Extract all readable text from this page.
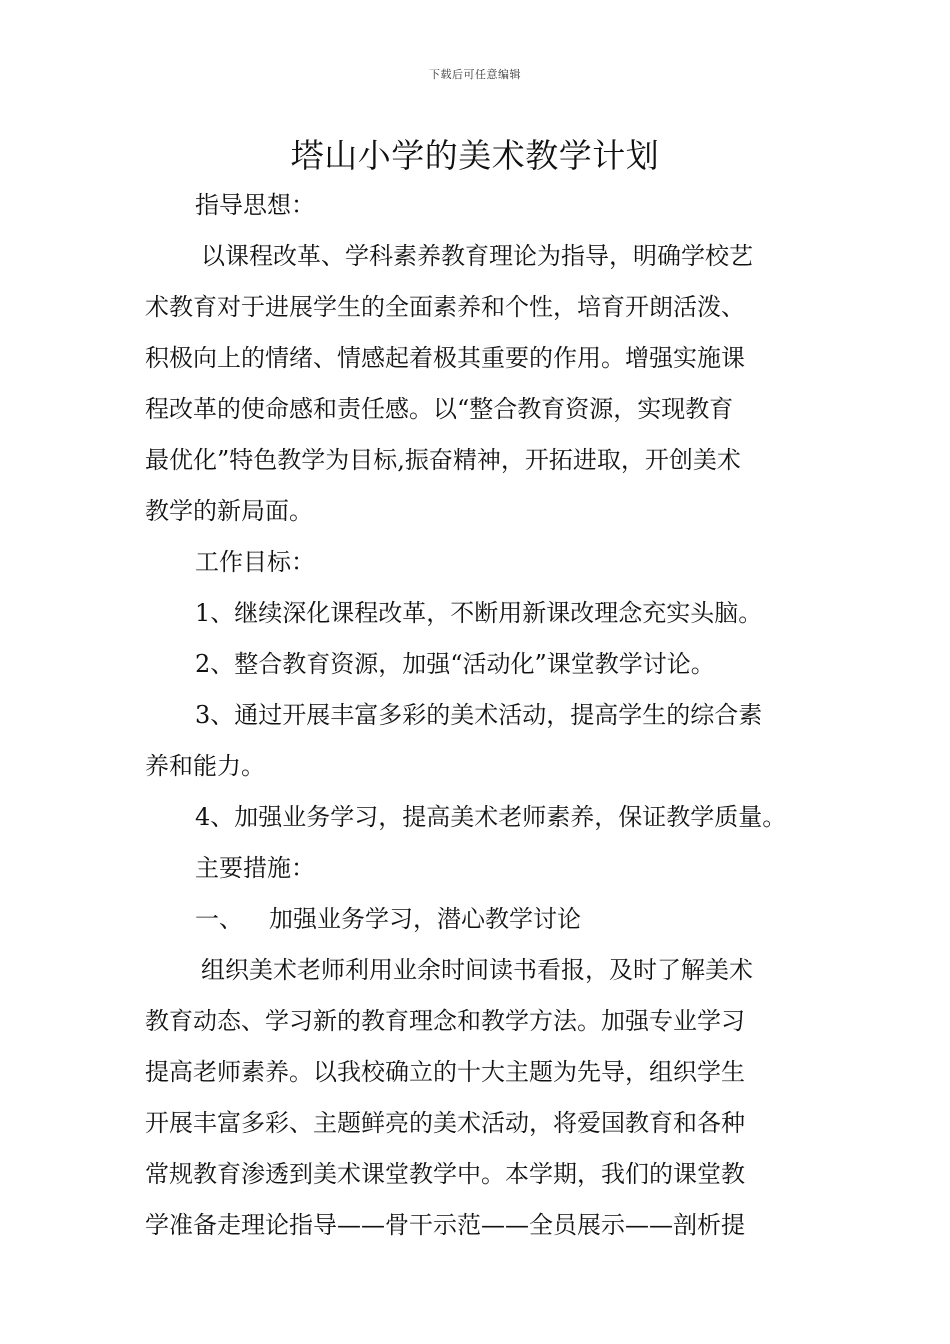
下载后可任意编辑
塔山小学的美术教学计划
指导思想：
以课程改革、学科素养教育理论为指导，明确学校艺
术教育对于进展学生的全面素养和个性，培育开朗活泼、
积极向上的情绪、情感起着极其重要的作用。增强实施课
程改革的使命感和责任感。以“整合教育资源，实现教育
最优化”特色教学为目标,振奋精神，开拓进取，开创美术
教学的新局面。
工作目标：
1、继续深化课程改革，不断用新课改理念充实头脑。
2、整合教育资源，加强“活动化”课堂教学讨论。
3、通过开展丰富多彩的美术活动，提高学生的综合素
养和能力。
4、加强业务学习，提高美术老师素养，保证教学质量。
主要措施：
一、 加强业务学习，潜心教学讨论
组织美术老师利用业余时间读书看报，及时了解美术
教育动态、学习新的教育理念和教学方法。加强专业学习
提高老师素养。以我校确立的十大主题为先导，组织学生
开展丰富多彩、主题鲜亮的美术活动，将爱国教育和各种
常规教育渗透到美术课堂教学中。本学期，我们的课堂教
学准备走理论指导——骨干示范——全员展示——剖析提
